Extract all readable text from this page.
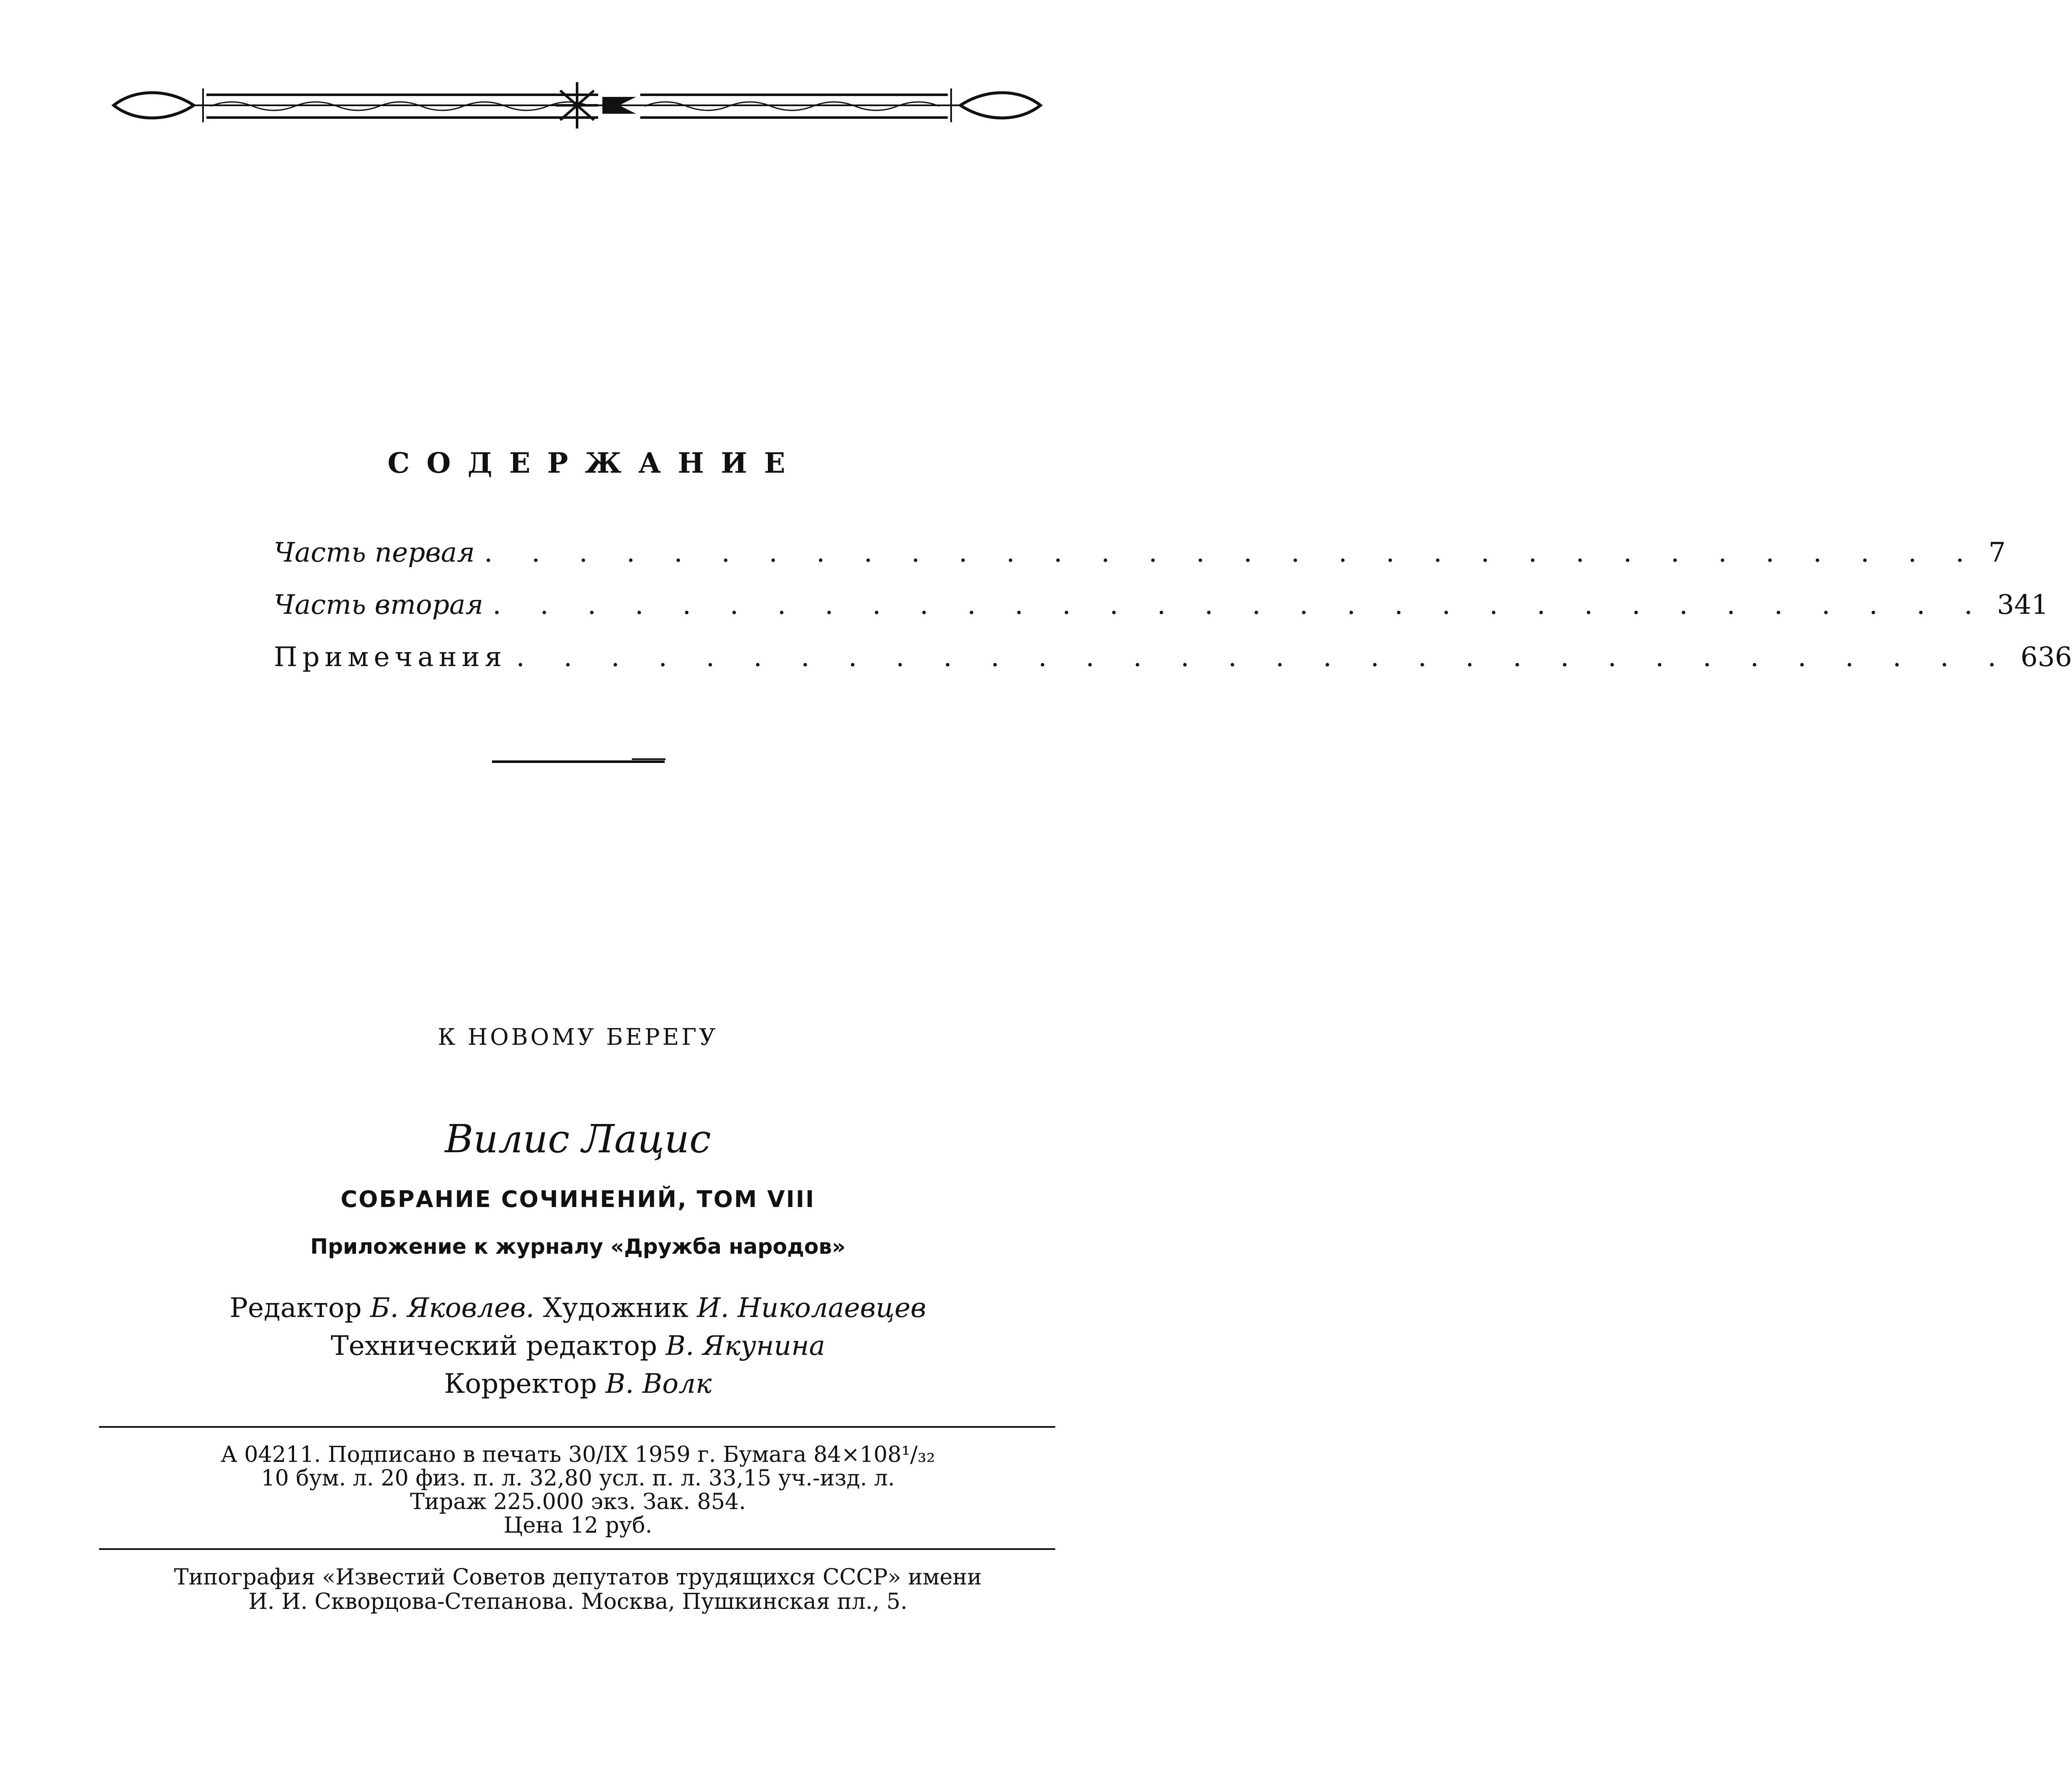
СОДЕРЖАНИЕ
Часть первая . . . . . . . . . . . . . . . . . . . . . . . . . . . . . . . . 7
Часть вторая . . . . . . . . . . . . . . . . . . . . . . . . . . . . . . . . 341
Примечания . . . . . . . . . . . . . . . . . . . . . . . . . . . . . . . . 636
К НОВОМУ БЕРЕГУ
Вилис Лацис
СОБРАНИЕ СОЧИНЕНИЙ, ТОМ VIII
Приложение к журналу «Дружба народов»
Редактор Б. Яковлев. Художник И. Николаевцев
Технический редактор В. Якунина
Корректор В. Волк
А 04211. Подписано в печать 30/IX 1959 г. Бумага 84×108¹/₃₂
10 бум. л. 20 физ. п. л. 32,80 усл. п. л. 33,15 уч.-изд. л.
Тираж 225.000 экз. Зак. 854.
Цена 12 руб.
Типография «Известий Советов депутатов трудящихся СССР» имени
И. И. Скворцова-Степанова. Москва, Пушкинская пл., 5.
